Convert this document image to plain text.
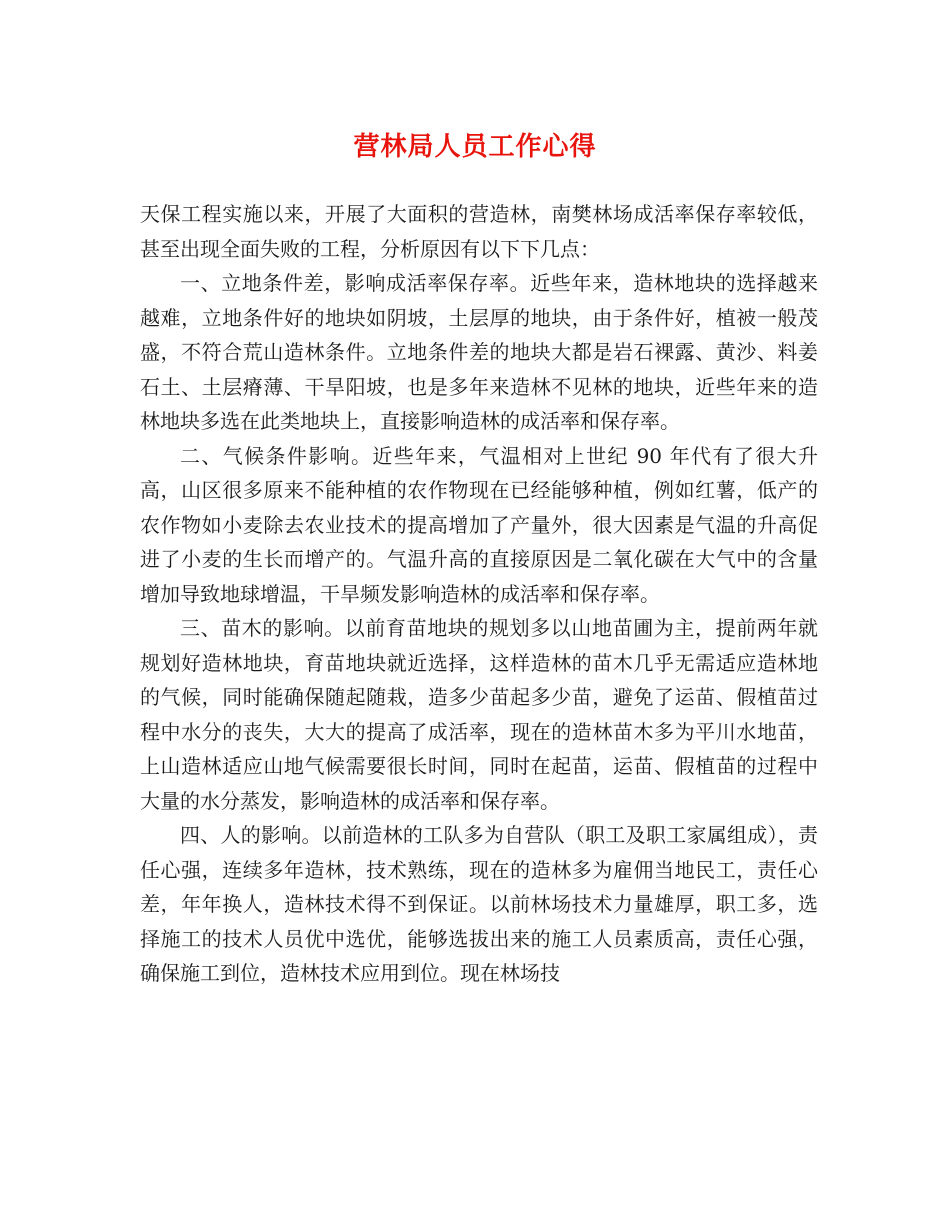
营林局人员工作心得

天保工程实施以来，开展了大面积的营造林，南樊林场成活率保存率较低，甚至出现全面失败的工程，分析原因有以下下几点：

一、立地条件差，影响成活率保存率。近些年来，造林地块的选择越来越难，立地条件好的地块如阴坡，土层厚的地块，由于条件好，植被一般茂盛，不符合荒山造林条件。立地条件差的地块大都是岩石裸露、黄沙、料姜石土、土层瘠薄、干旱阳坡，也是多年来造林不见林的地块，近些年来的造林地块多选在此类地块上，直接影响造林的成活率和保存率。

二、气候条件影响。近些年来，气温相对上世纪 90 年代有了很大升高，山区很多原来不能种植的农作物现在已经能够种植，例如红薯，低产的农作物如小麦除去农业技术的提高增加了产量外，很大因素是气温的升高促进了小麦的生长而增产的。气温升高的直接原因是二氧化碳在大气中的含量增加导致地球增温，干旱频发影响造林的成活率和保存率。

三、苗木的影响。以前育苗地块的规划多以山地苗圃为主，提前两年就规划好造林地块，育苗地块就近选择，这样造林的苗木几乎无需适应造林地的气候，同时能确保随起随栽，造多少苗起多少苗，避免了运苗、假植苗过程中水分的丧失，大大的提高了成活率，现在的造林苗木多为平川水地苗，上山造林适应山地气候需要很长时间，同时在起苗，运苗、假植苗的过程中大量的水分蒸发，影响造林的成活率和保存率。

四、人的影响。以前造林的工队多为自营队（职工及职工家属组成），责任心强，连续多年造林，技术熟练，现在的造林多为雇佣当地民工，责任心差，年年换人，造林技术得不到保证。以前林场技术力量雄厚，职工多，选择施工的技术人员优中选优，能够选拔出来的施工人员素质高，责任心强，确保施工到位，造林技术应用到位。现在林场技
